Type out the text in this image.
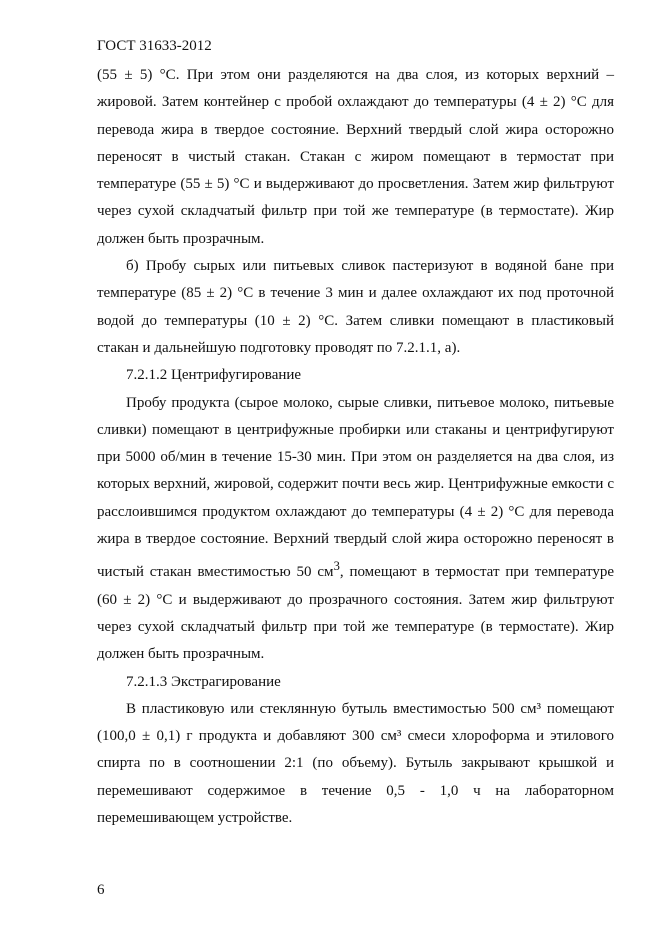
ГОСТ 31633-2012

(55 ± 5) °С. При этом они разделяются на два слоя, из которых верхний – жировой. Затем контейнер с пробой охлаждают до температуры (4 ± 2) °С для перевода жира в твердое состояние. Верхний твердый слой жира осторожно переносят в чистый стакан. Стакан с жиром помещают в термостат при температуре (55 ± 5) °С и выдерживают до просветления. Затем жир фильтруют через сухой складчатый фильтр при той же температуре (в термостате). Жир должен быть прозрачным.

б) Пробу сырых или питьевых сливок пастеризуют в водяной бане при температуре (85 ± 2) °С в течение 3 мин и далее охлаждают их под проточной водой до температуры (10 ± 2) °С. Затем сливки помещают в пластиковый стакан и дальнейшую подготовку проводят по 7.2.1.1, а).

7.2.1.2 Центрифугирование

Пробу продукта (сырое молоко, сырые сливки, питьевое молоко, питьевые сливки) помещают в центрифужные пробирки или стаканы и центрифугируют при 5000 об/мин в течение 15-30 мин. При этом он разделяется на два слоя, из которых верхний, жировой, содержит почти весь жир. Центрифужные емкости с расслоившимся продуктом охлаждают до температуры (4 ± 2) °С для перевода жира в твердое состояние. Верхний твердый слой жира осторожно переносят в чистый стакан вместимостью 50 $см^3$, помещают в термостат при температуре (60 ± 2) °С и выдерживают до прозрачного состояния. Затем жир фильтруют через сухой складчатый фильтр при той же температуре (в термостате). Жир должен быть прозрачным.

7.2.1.3 Экстрагирование

В пластиковую или стеклянную бутыль вместимостью 500 см³ помещают (100,0 ± 0,1) г продукта и добавляют 300 см³ смеси хлороформа и этилового спирта по в соотношении 2:1 (по объему). Бутыль закрывают крышкой и перемешивают содержимое в течение 0,5 - 1,0 ч на лабораторном перемешивающем устройстве.

6
